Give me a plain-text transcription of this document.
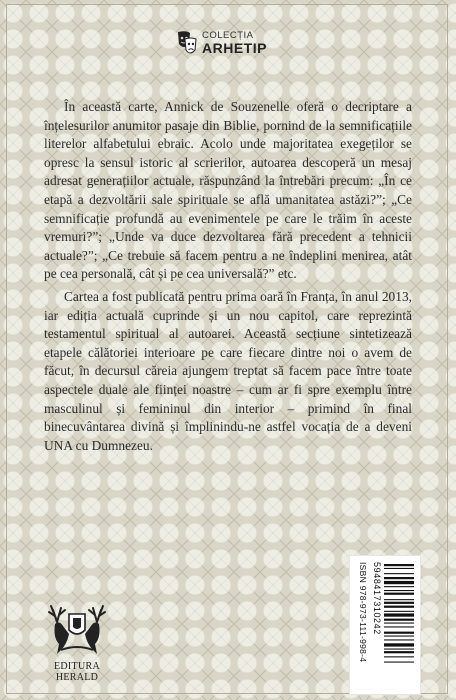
COLECȚIA
ARHETIP

În această carte, Annick de Souzenelle oferă o decriptare a înțelesurilor anumitor pasaje din Biblie, pornind de la semnificațiile literelor alfabetului ebraic. Acolo unde majoritatea exegeților se opresc la sensul istoric al scrierilor, autoarea descoperă un mesaj adresat generațiilor actuale, răspunzând la întrebări precum: „În ce etapă a dezvoltării sale spirituale se află umanitatea astăzi?”; „Ce semnificație profundă au evenimentele pe care le trăim în aceste vremuri?”; „Unde va duce dezvoltarea fără precedent a tehnicii actuale?”; „Ce trebuie să facem pentru a ne îndeplini menirea, atât pe cea personală, cât și pe cea universală?” etc.

Cartea a fost publicată pentru prima oară în Franța, în anul 2013, iar ediția actuală cuprinde și un nou capitol, care reprezintă testamentul spiritual al autoarei. Această secțiune sintetizează etapele călătoriei interioare pe care fiecare dintre noi o avem de făcut, în decursul căreia ajungem treptat să facem pace între toate aspectele duale ale ființei noastre – cum ar fi spre exemplu între masculinul și femininul din interior – primind în final binecuvântarea divină și împlinindu-ne astfel vocația de a deveni UNA cu Dumnezeu.

EDITURA
HERALD
ISBN 978-973-111-998-4 5948417310242
